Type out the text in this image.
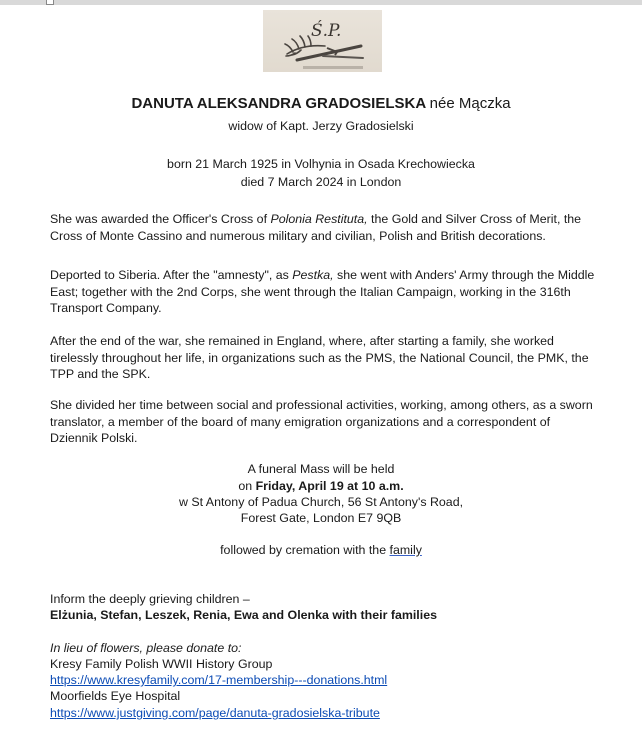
Ś.P.
DANUTA ALEKSANDRA GRADOSIELSKA née Mączka
widow of Kapt. Jerzy Gradosielski
born 21 March 1925 in Volhynia in Osada Krechowiecka
died 7 March 2024 in London
She was awarded the Officer's Cross of Polonia Restituta, the Gold and Silver Cross of Merit, the Cross of Monte Cassino and numerous military and civilian, Polish and British decorations.
Deported to Siberia. After the "amnesty", as Pestka, she went with Anders' Army through the Middle East; together with the 2nd Corps, she went through the Italian Campaign, working in the 316th Transport Company.
After the end of the war, she remained in England, where, after starting a family, she worked tirelessly throughout her life, in organizations such as the PMS, the National Council, the PMK, the TPP and the SPK.
She divided her time between social and professional activities, working, among others, as a sworn translator, a member of the board of many emigration organizations and a correspondent of Dziennik Polski.
A funeral Mass will be held
on Friday, April 19 at 10 a.m.
w St Antony of Padua Church, 56 St Antony's Road,
Forest Gate, London E7 9QB
followed by cremation with the family
Inform the deeply grieving children –
Elżunia, Stefan, Leszek, Renia, Ewa and Olenka with their families
In lieu of flowers, please donate to:
Kresy Family Polish WWII History Group
https://www.kresyfamily.com/17-membership---donations.html
Moorfields Eye Hospital
https://www.justgiving.com/page/danuta-gradosielska-tribute
